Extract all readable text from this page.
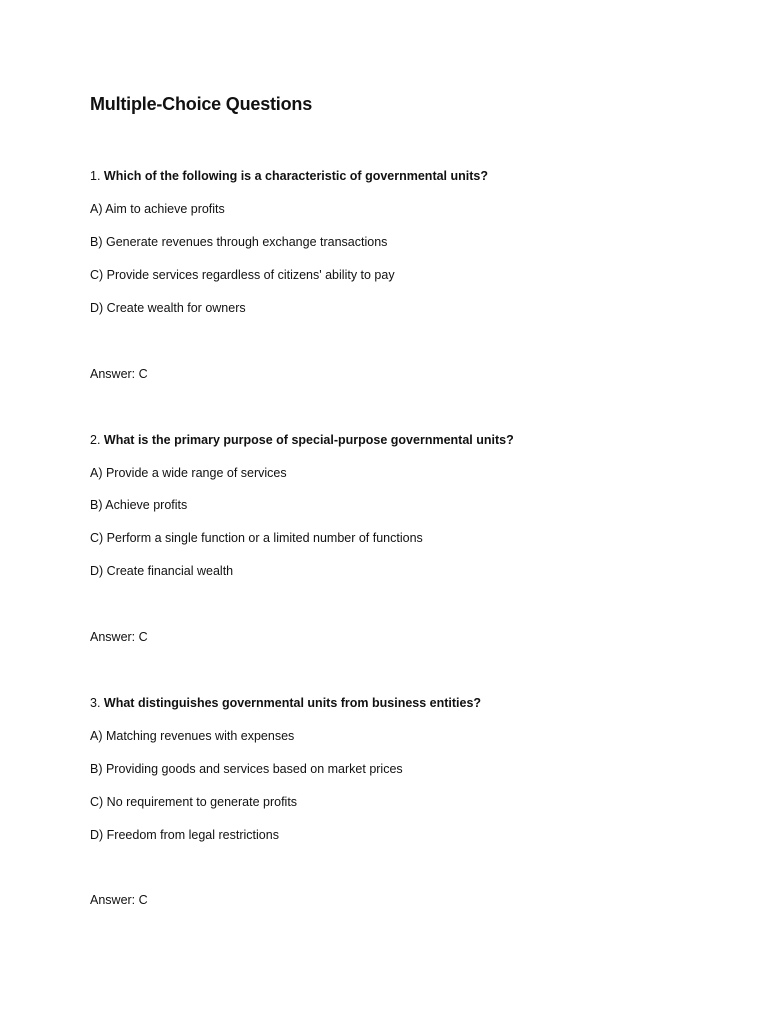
Multiple-Choice Questions
1. Which of the following is a characteristic of governmental units?
A) Aim to achieve profits
B) Generate revenues through exchange transactions
C) Provide services regardless of citizens' ability to pay
D) Create wealth for owners
Answer: C
2. What is the primary purpose of special-purpose governmental units?
A) Provide a wide range of services
B) Achieve profits
C) Perform a single function or a limited number of functions
D) Create financial wealth
Answer: C
3. What distinguishes governmental units from business entities?
A) Matching revenues with expenses
B) Providing goods and services based on market prices
C) No requirement to generate profits
D) Freedom from legal restrictions
Answer: C
